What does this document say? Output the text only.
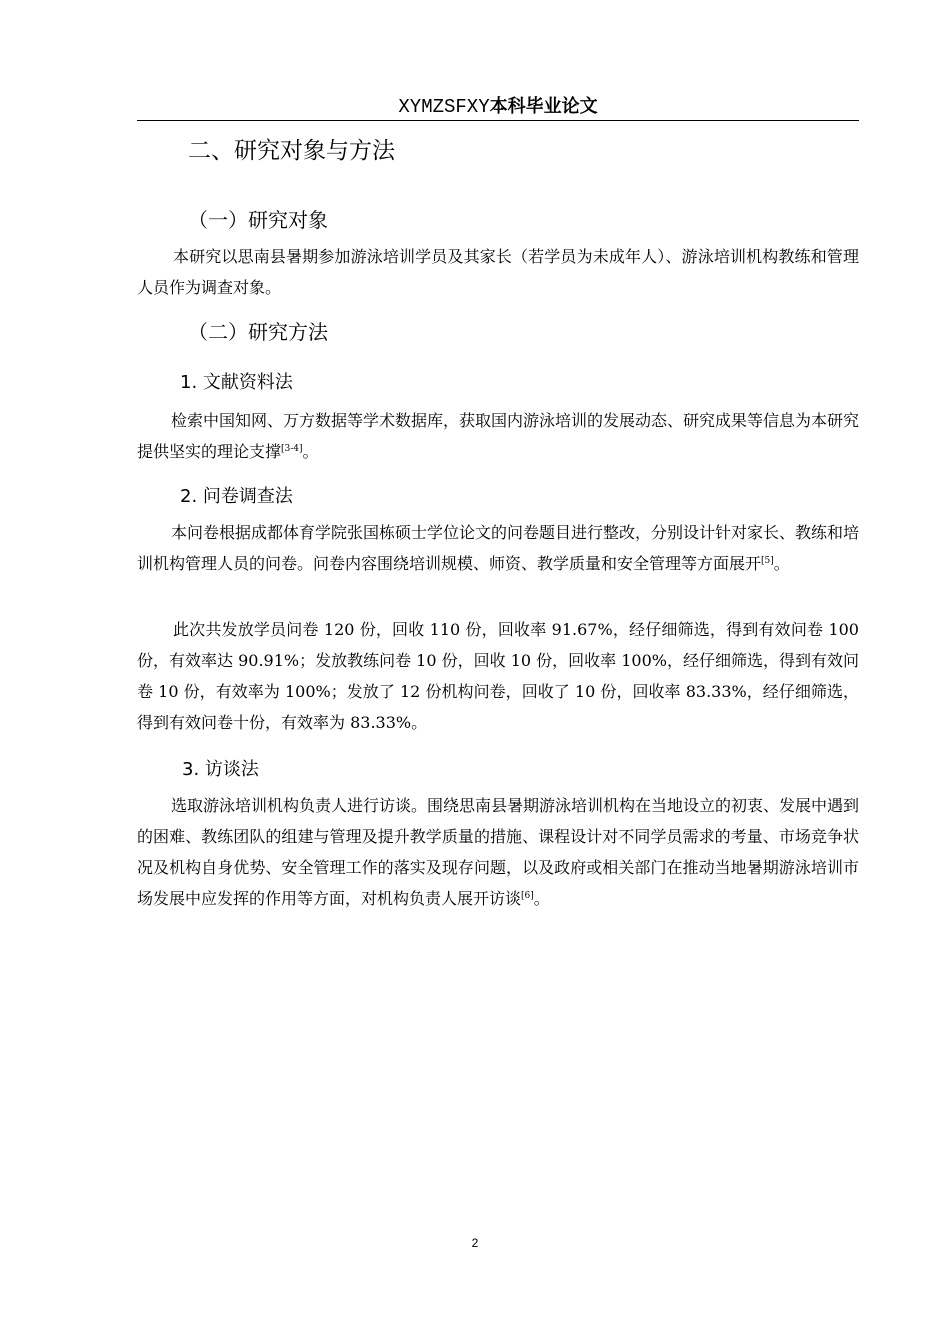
XYMZSFXY本科毕业论文
二、研究对象与方法
（一）研究对象
本研究以思南县暑期参加游泳培训学员及其家长（若学员为未成年人）、游泳培训机构教练和管理人员作为调查对象。
（二）研究方法
1. 文献资料法
检索中国知网、万方数据等学术数据库，获取国内游泳培训的发展动态、研究成果等信息为本研究提供坚实的理论支撑[3-4]。
2. 问卷调查法
本问卷根据成都体育学院张国栋硕士学位论文的问卷题目进行整改，分别设计针对家长、教练和培训机构管理人员的问卷。问卷内容围绕培训规模、师资、教学质量和安全管理等方面展开[5]。
此次共发放学员问卷 120 份，回收 110 份，回收率 91.67%，经仔细筛选，得到有效问卷 100 份，有效率达 90.91%；发放教练问卷 10 份，回收 10 份，回收率 100%，经仔细筛选，得到有效问卷 10 份，有效率为 100%；发放了 12 份机构问卷，回收了 10 份，回收率 83.33%，经仔细筛选，得到有效问卷十份，有效率为 83.33%。
3. 访谈法
选取游泳培训机构负责人进行访谈。围绕思南县暑期游泳培训机构在当地设立的初衷、发展中遇到的困难、教练团队的组建与管理及提升教学质量的措施、课程设计对不同学员需求的考量、市场竞争状况及机构自身优势、安全管理工作的落实及现存问题，以及政府或相关部门在推动当地暑期游泳培训市场发展中应发挥的作用等方面，对机构负责人展开访谈[6]。
2
